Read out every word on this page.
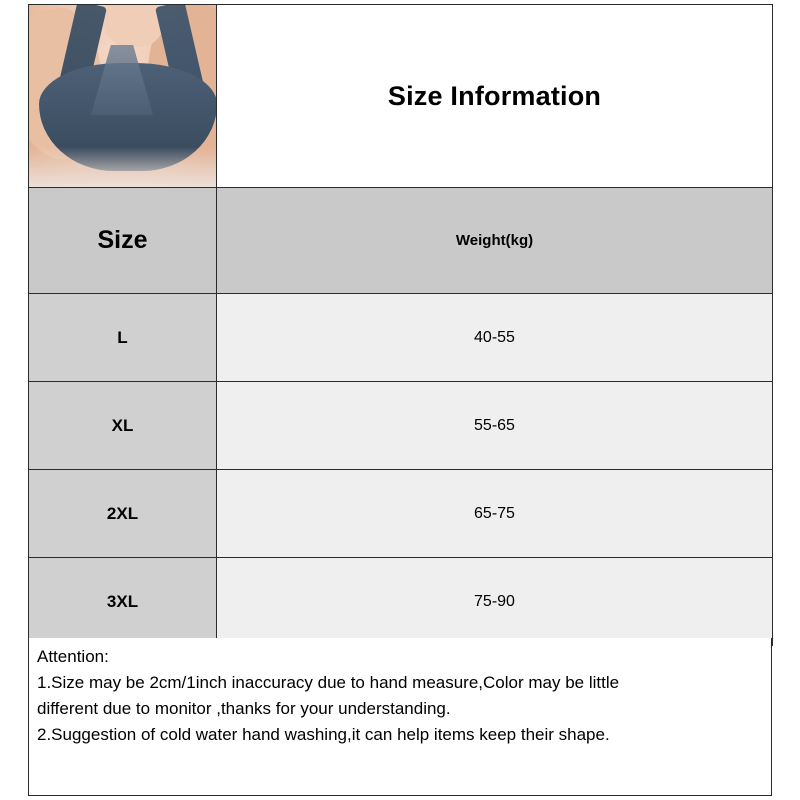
	Size Information

Size	Weight(kg)

L	40-55

XL	55-65

2XL	65-75

3XL	75-90

Attention:

1.Size may be 2cm/1inch inaccuracy due to hand measure,Color may be little

different due to monitor ,thanks for your understanding.

2.Suggestion of cold water hand washing,it can help items keep their shape.
